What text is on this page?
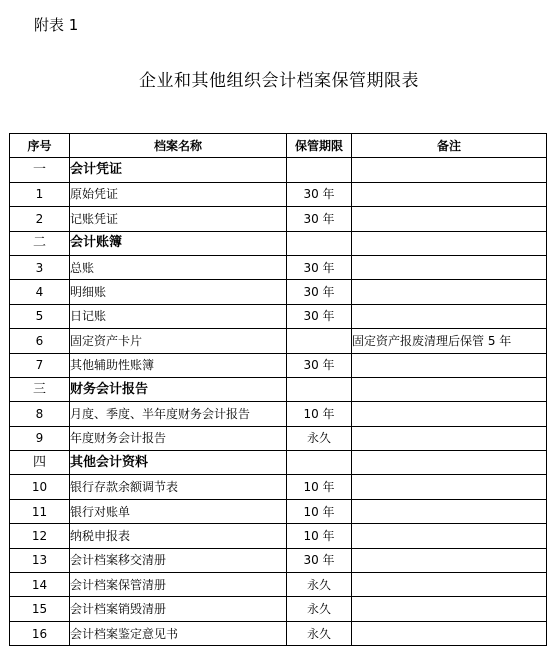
附表 1
企业和其他组织会计档案保管期限表
序号	档案名称	保管期限	备注
一	会计凭证		
1	原始凭证	30 年	
2	记账凭证	30 年	
二	会计账簿		
3	总账	30 年	
4	明细账	30 年	
5	日记账	30 年	
6	固定资产卡片		固定资产报废清理后保管 5 年
7	其他辅助性账簿	30 年	
三	财务会计报告		
8	月度、季度、半年度财务会计报告	10 年	
9	年度财务会计报告	永久	
四	其他会计资料		
10	银行存款余额调节表	10 年	
11	银行对账单	10 年	
12	纳税申报表	10 年	
13	会计档案移交清册	30 年	
14	会计档案保管清册	永久	
15	会计档案销毁清册	永久	
16	会计档案鉴定意见书	永久	
